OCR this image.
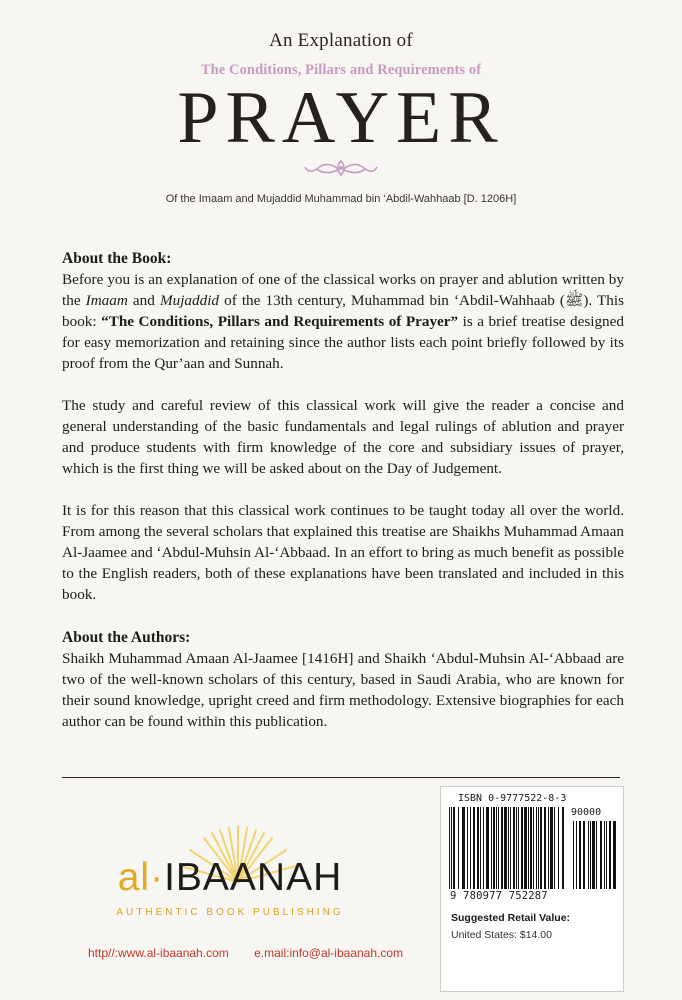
An Explanation of
The Conditions, Pillars and Requirements of
PRAYER
Of the Imaam and Mujaddid Muhammad bin ‘Abdil-Wahhaab [D. 1206H]

About the Book:

Before you is an explanation of one of the classical works on prayer and ablution written by the Imaam and Mujaddid of the 13th century, Muhammad bin ‘Abdil-Wahhaab (ﷺ). This book: “The Conditions, Pillars and Requirements of Prayer” is a brief treatise designed for easy memorization and retaining since the author lists each point briefly followed by its proof from the Qur’aan and Sunnah.

The study and careful review of this classical work will give the reader a concise and general understanding of the basic fundamentals and legal rulings of ablution and prayer and produce students with firm knowledge of the core and subsidiary issues of prayer, which is the first thing we will be asked about on the Day of Judgement.

It is for this reason that this classical work continues to be taught today all over the world. From among the several scholars that explained this treatise are Shaikhs Muhammad Amaan Al-Jaamee and ‘Abdul-Muhsin Al-‘Abbaad. In an effort to bring as much benefit as possible to the English readers, both of these explanations have been translated and included in this book.

About the Authors:

Shaikh Muhammad Amaan Al-Jaamee [1416H] and Shaikh ‘Abdul-Muhsin Al-‘Abbaad are two of the well-known scholars of this century, based in Saudi Arabia, who are known for their sound knowledge, upright creed and firm methodology. Extensive biographies for each author can be found within this publication.

al·IBAANAH
AUTHENTIC BOOK PUBLISHING
http//:www.al-ibaanah.com e.mail:info@al-ibaanah.com
ISBN 0-9777522-8-3
90000
9 780977 752287
Suggested Retail Value:
United States: $14.00
